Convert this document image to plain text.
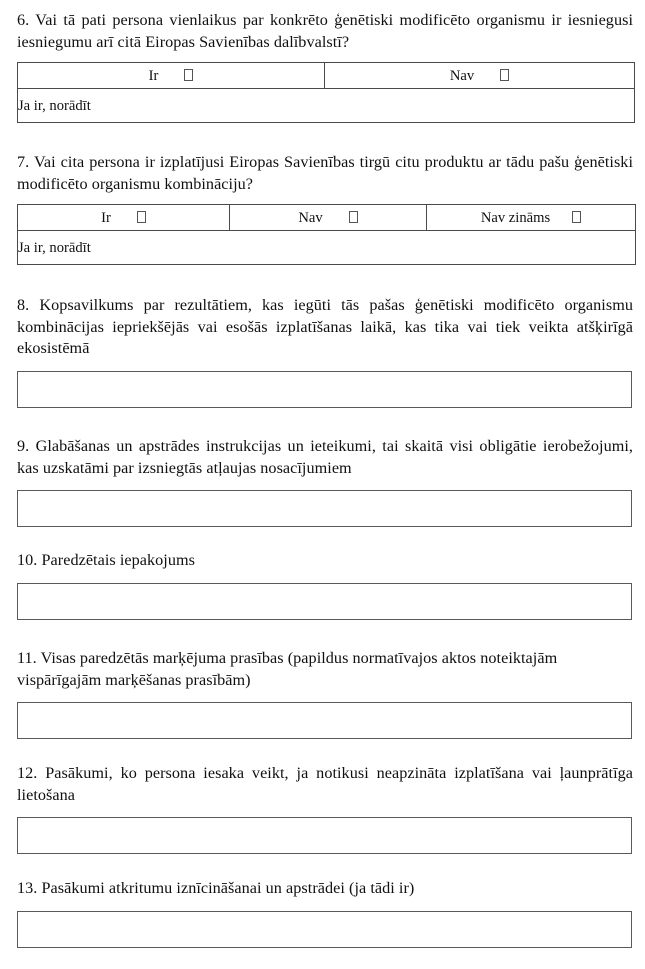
6. Vai tā pati persona vienlaikus par konkrēto ģenētiski modificēto organismu ir iesniegusi iesniegumu arī citā Eiropas Savienības dalībvalstī?

Ir	Nav
Ja ir, norādīt

7. Vai cita persona ir izplatījusi Eiropas Savienības tirgū citu produktu ar tādu pašu ģenētiski modificēto organismu kombināciju?

Ir	Nav	Nav zināms
Ja ir, norādīt

8. Kopsavilkums par rezultātiem, kas iegūti tās pašas ģenētiski modificēto organismu kombinācijas iepriekšējās vai esošās izplatīšanas laikā, kas tika vai tiek veikta atšķirīgā ekosistēmā

9. Glabāšanas un apstrādes instrukcijas un ieteikumi, tai skaitā visi obligātie ierobežojumi, kas uzskatāmi par izsniegtās atļaujas nosacījumiem

10. Paredzētais iepakojums

11. Visas paredzētās marķējuma prasības (papildus normatīvajos aktos noteiktajām vispārīgajām marķēšanas prasībām)

12. Pasākumi, ko persona iesaka veikt, ja notikusi neapzināta izplatīšana vai ļaunprātīga lietošana

13. Pasākumi atkritumu iznīcināšanai un apstrādei (ja tādi ir)
